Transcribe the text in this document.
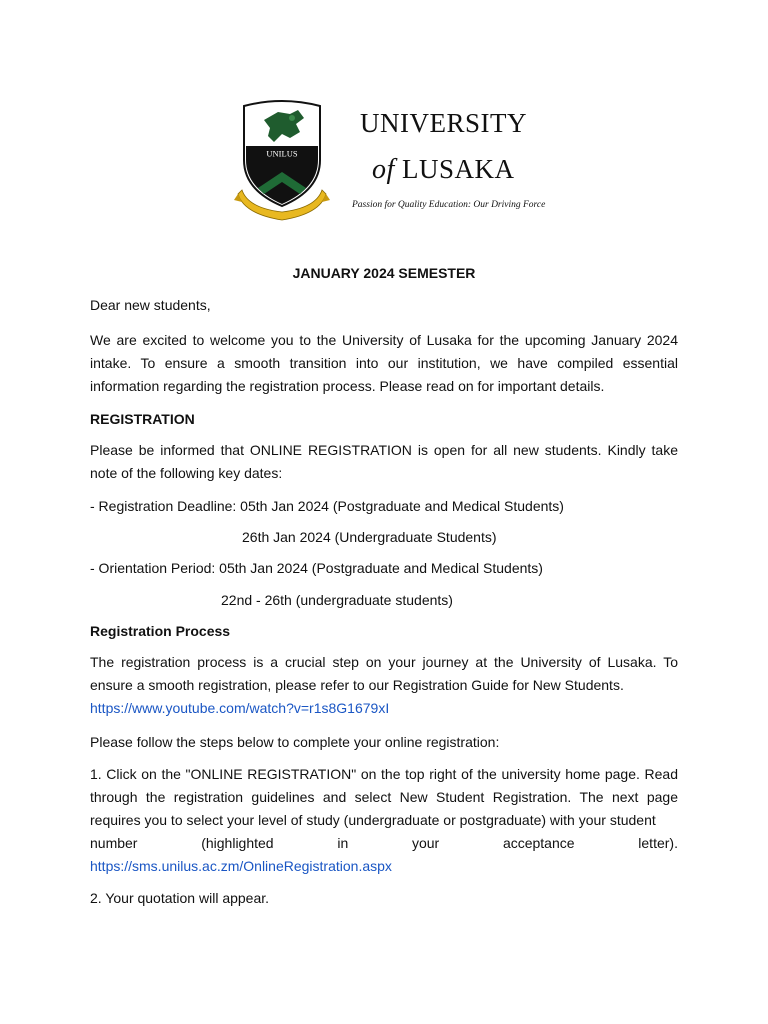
UNILUS

UNIVERSITY

of LUSAKA

Passion for Quality Education: Our Driving Force

JANUARY 2024 SEMESTER

Dear new students,

We are excited to welcome you to the University of Lusaka for the upcoming January 2024 intake. To ensure a smooth transition into our institution, we have compiled essential information regarding the registration process. Please read on for important details.

REGISTRATION

Please be informed that ONLINE REGISTRATION is open for all new students. Kindly take note of the following key dates:

- Registration Deadline: 05th Jan 2024 (Postgraduate and Medical Students)

26th Jan 2024 (Undergraduate Students)

- Orientation Period: 05th Jan 2024 (Postgraduate and Medical Students)

22nd - 26th (undergraduate students)

Registration Process

The registration process is a crucial step on your journey at the University of Lusaka. To ensure a smooth registration, please refer to our Registration Guide for New Students.

https://www.youtube.com/watch?v=r1s8G1679xI

Please follow the steps below to complete your online registration:

1. Click on the "ONLINE REGISTRATION" on the top right of the university home page. Read through the registration guidelines and select New Student Registration. The next page requires you to select your level of study (undergraduate or postgraduate) with your student

number	(highlighted	in	your	acceptance	letter).

https://sms.unilus.ac.zm/OnlineRegistration.aspx

2. Your quotation will appear.
